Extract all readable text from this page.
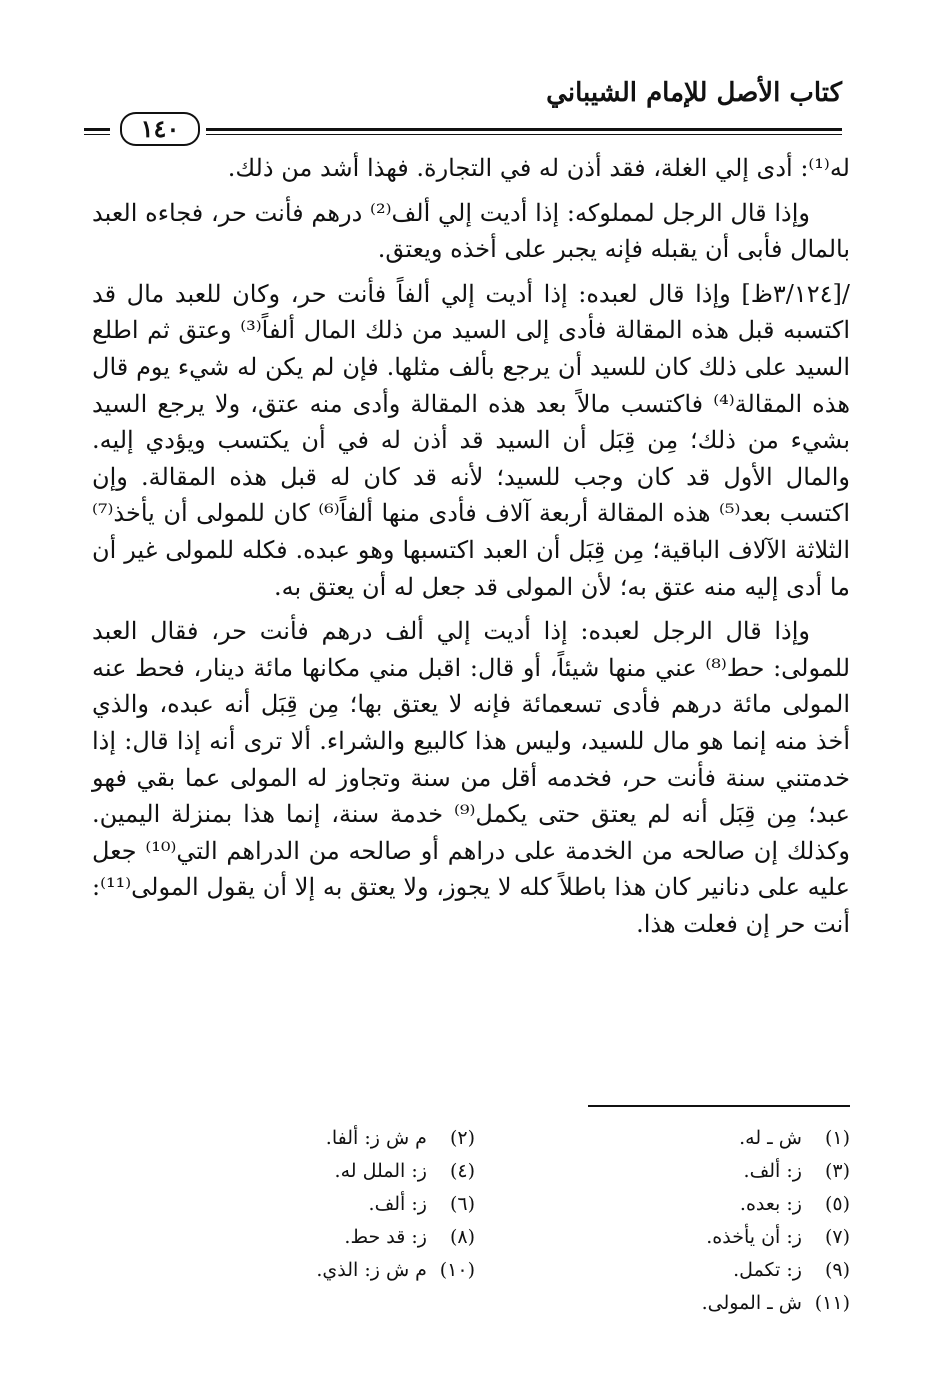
كتاب الأصل للإمام الشيباني
١٤٠

له⁽¹⁾: أدى إلي الغلة، فقد أذن له في التجارة. فهذا أشد من ذلك.

وإذا قال الرجل لمملوكه: إذا أديت إلي ألف⁽²⁾ درهم فأنت حر، فجاءه العبد بالمال فأبى أن يقبله فإنه يجبر على أخذه ويعتق.

/[٣/١٢٤ظ] وإذا قال لعبده: إذا أديت إلي ألفاً فأنت حر، وكان للعبد مال قد اكتسبه قبل هذه المقالة فأدى إلى السيد من ذلك المال ألفاً⁽³⁾ وعتق ثم اطلع السيد على ذلك كان للسيد أن يرجع بألف مثلها. فإن لم يكن له شيء يوم قال هذه المقالة⁽⁴⁾ فاكتسب مالاً بعد هذه المقالة وأدى منه عتق، ولا يرجع السيد بشيء من ذلك؛ مِن قِبَل أن السيد قد أذن له في أن يكتسب ويؤدي إليه. والمال الأول قد كان وجب للسيد؛ لأنه قد كان له قبل هذه المقالة. وإن اكتسب بعد⁽⁵⁾ هذه المقالة أربعة آلاف فأدى منها ألفاً⁽⁶⁾ كان للمولى أن يأخذ⁽⁷⁾ الثلاثة الآلاف الباقية؛ مِن قِبَل أن العبد اكتسبها وهو عبده. فكله للمولى غير أن ما أدى إليه منه عتق به؛ لأن المولى قد جعل له أن يعتق به.

وإذا قال الرجل لعبده: إذا أديت إلي ألف درهم فأنت حر، فقال العبد للمولى: حط⁽⁸⁾ عني منها شيئاً، أو قال: اقبل مني مكانها مائة دينار، فحط عنه المولى مائة درهم فأدى تسعمائة فإنه لا يعتق بها؛ مِن قِبَل أنه عبده، والذي أخذ منه إنما هو مال للسيد، وليس هذا كالبيع والشراء. ألا ترى أنه إذا قال: إذا خدمتني سنة فأنت حر، فخدمه أقل من سنة وتجاوز له المولى عما بقي فهو عبد؛ مِن قِبَل أنه لم يعتق حتى يكمل⁽⁹⁾ خدمة سنة، إنما هذا بمنزلة اليمين. وكذلك إن صالحه من الخدمة على دراهم أو صالحه من الدراهم التي⁽¹⁰⁾ جعل عليه على دنانير كان هذا باطلاً كله لا يجوز، ولا يعتق به إلا أن يقول المولى⁽¹¹⁾: أنت حر إن فعلت هذا.

(١) ش ـ له.
(٢) م ش ز: ألفا.
(٣) ز: ألف.
(٤) ز: الملل له.
(٥) ز: بعده.
(٦) ز: ألف.
(٧) ز: أن يأخذه.
(٨) ز: قد حط.
(٩) ز: تكمل.
(١٠) م ش ز: الذي.
(١١) ش ـ المولى.
